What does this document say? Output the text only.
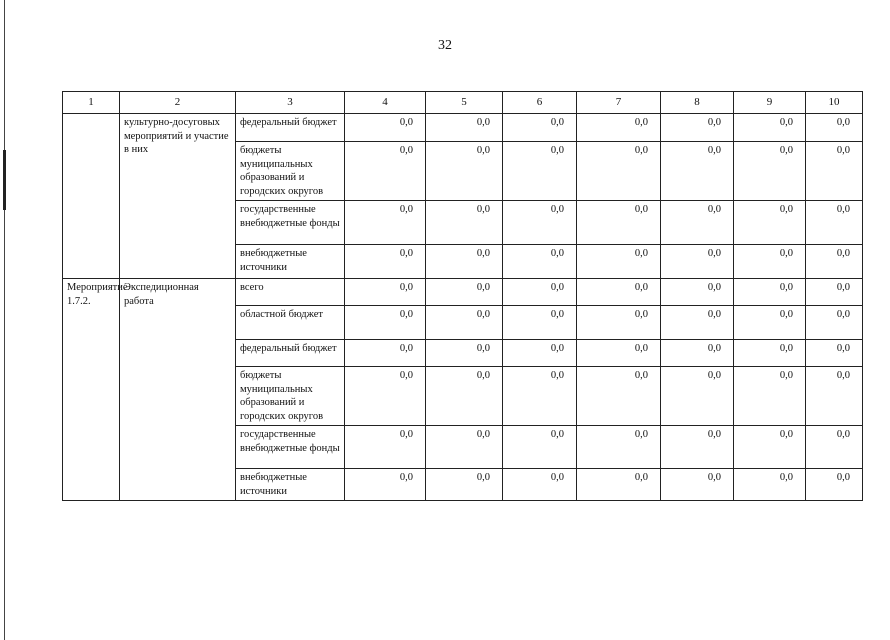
32
1	2	3	4	5	6	7	8	9	10
	культурно-досуговых мероприятий и участие в них	федеральный бюджет	0,0	0,0	0,0	0,0	0,0	0,0	0,0
		бюджеты муниципальных образований и городских округов	0,0	0,0	0,0	0,0	0,0	0,0	0,0
		государственные внебюджетные фонды	0,0	0,0	0,0	0,0	0,0	0,0	0,0
		внебюджетные источники	0,0	0,0	0,0	0,0	0,0	0,0	0,0
Мероприятие 1.7.2.	Экспедиционная работа	всего	0,0	0,0	0,0	0,0	0,0	0,0	0,0
		областной бюджет	0,0	0,0	0,0	0,0	0,0	0,0	0,0
		федеральный бюджет	0,0	0,0	0,0	0,0	0,0	0,0	0,0
		бюджеты муниципальных образований и городских округов	0,0	0,0	0,0	0,0	0,0	0,0	0,0
		государственные внебюджетные фонды	0,0	0,0	0,0	0,0	0,0	0,0	0,0
		внебюджетные источники	0,0	0,0	0,0	0,0	0,0	0,0	0,0
